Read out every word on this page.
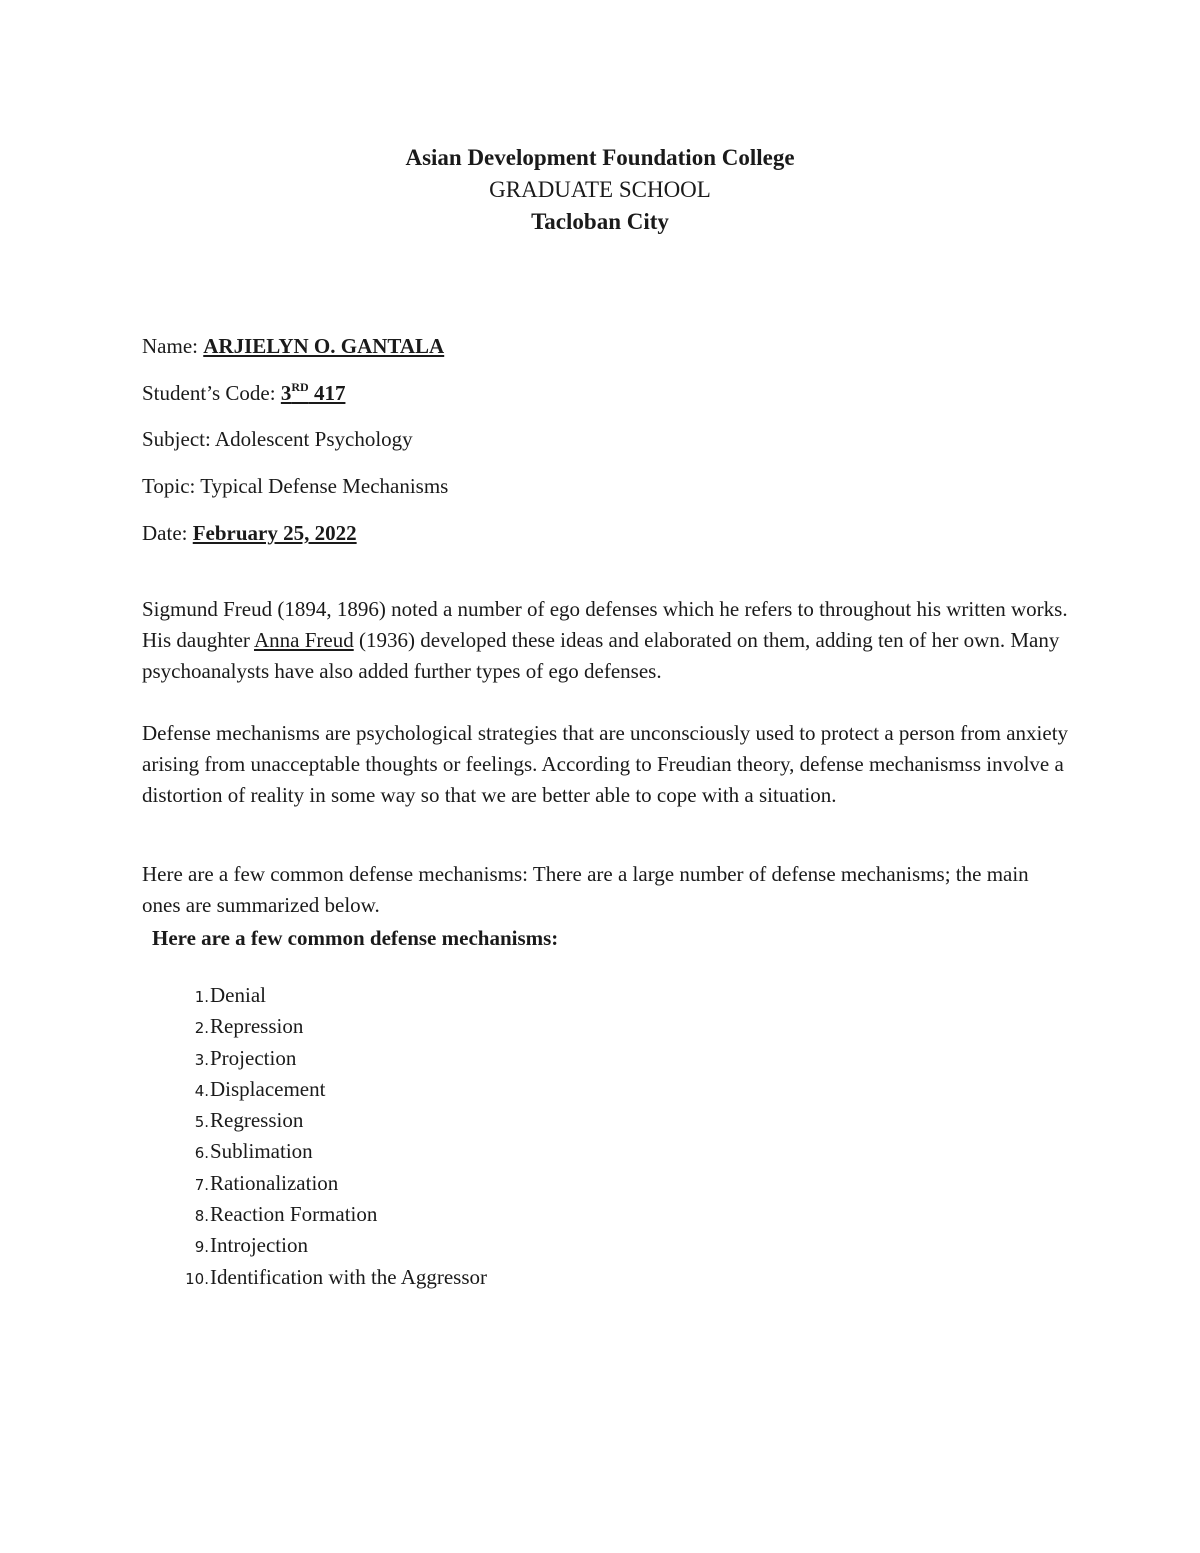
Asian Development Foundation College
GRADUATE SCHOOL
Tacloban City
Name: ARJIELYN O. GANTALA
Student’s Code: 3RD 417
Subject: Adolescent Psychology
Topic: Typical Defense Mechanisms
Date: February 25, 2022
Sigmund Freud (1894, 1896) noted a number of ego defenses which he refers to throughout his written works. His daughter Anna Freud (1936) developed these ideas and elaborated on them, adding ten of her own. Many psychoanalysts have also added further types of ego defenses.
Defense mechanisms are psychological strategies that are unconsciously used to protect a person from anxiety arising from unacceptable thoughts or feelings. According to Freudian theory, defense mechanismss involve a distortion of reality in some way so that we are better able to cope with a situation.
Here are a few common defense mechanisms: There are a large number of defense mechanisms; the main ones are summarized below.
Here are a few common defense mechanisms:
1. Denial
2. Repression
3. Projection
4. Displacement
5. Regression
6. Sublimation
7. Rationalization
8. Reaction Formation
9. Introjection
10. Identification with the Aggressor
